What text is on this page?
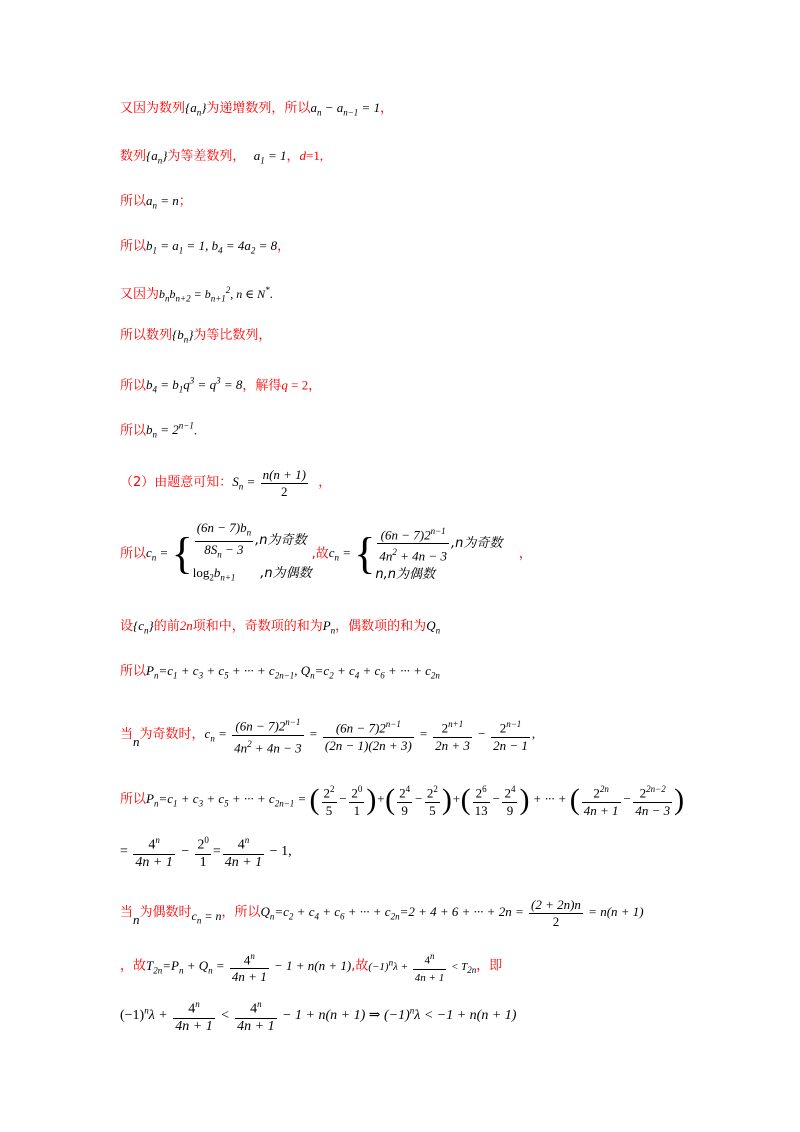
又因为数列$\{a_n\}$为递增数列，所以$a_n - a_{n-1} = 1$，
数列$\{a_n\}$为等差数列， $a_1 = 1$，d=1,
所以$a_n = n$；
所以$b_1 = a_1 = 1$, $b_4 = 4a_2 = 8$，
又因为$b_nb_{n+2} = b_{n+1}^2$, n ∈ N*.
所以数列$\{b_n\}$为等比数列，
所以$b_4 = b_1q^3 = q^3 = 8$，解得q = 2，
所以$b_n = 2^{n-1}$.
（2）由题意可知：$S_n = \frac{n(n + 1)}{2}$ ，
所以$c_n$ = { $\frac{(6n - 7)b_n}{8S_n - 3} ,n$为奇数
$\log_2b_{n+1}$      ,n为偶数
,故$c_n$ = { $\frac{(6n - 7)2^{n-1}}{4n^2 + 4n - 3} ,n$为奇数
n,n为偶数
，
设$\{c_n\}$的前2n项和中，奇数项的和为$P_n$，偶数项的和为$Q_n$
所以$P_n=c_1 + c_3 + c_5$ + ··· + $c_{2n-1}$, $Q_n=c_2 + c_4 + c_6$ + ··· + $c_{2n}$
当n为奇数时，$c_n = \frac{(6n - 7)2^{n-1}}{4n^2 + 4n - 3} = \frac{(6n - 7)2^{n-1}}{(2n - 1)(2n + 3)} = \frac{2^{n+1}}{2n + 3} - \frac{2^{n-1}}{2n - 1}$ ,
所以$P_n=c_1 + c_3 + c_5$ + ··· + $c_{2n-1}$ = ( $\frac{2^2}{5} - \frac{2^0}{1}$ )+( $\frac{2^4}{9} - \frac{2^2}{5}$ )+( $\frac{2^6}{13} - \frac{2^4}{9}$ ) + ··· + ( $\frac{2^{2n}}{4n + 1} - \frac{2^{2n-2}}{4n - 3}$ )
= $\frac{4^n}{4n + 1} - \frac{2^0}{1} = \frac{4^n}{4n + 1} - 1$,
当n为偶数时$c_n = n$，所以$Q_n=c_2 + c_4 + c_6$ + ··· + $c_{2n}=2 + 4 + 6$ + ··· + $2n = \frac{(2 + 2n)n}{2} = n(n + 1)$
，故$T_{2n}=P_n + Q_n = \frac{4^n}{4n + 1} - 1 + n(n + 1)$,故$(-1)^n\lambda + \frac{4^n}{4n + 1} < T_{2n}$，即
$(-1)^n\lambda + \frac{4^n}{4n + 1} < \frac{4^n}{4n + 1} - 1 + n(n + 1)$ ⇒ $(-1)^n\lambda < -1 + n(n + 1)$
